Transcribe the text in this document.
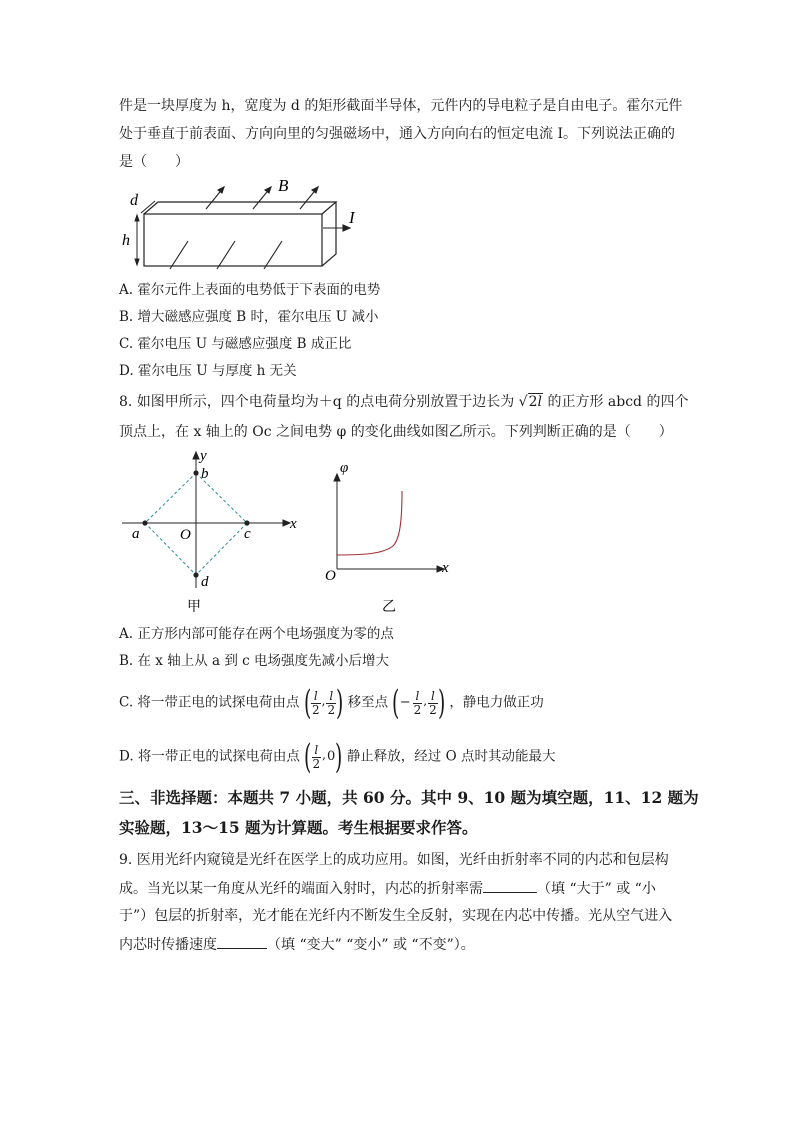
件是一块厚度为 h，宽度为 d 的矩形截面半导体，元件内的导电粒子是自由电子。霍尔元件
处于垂直于前表面、方向向里的匀强磁场中，通入方向向右的恒定电流 I。下列说法正确的
是（　　）
d
h
B
I
A. 霍尔元件上表面的电势低于下表面的电势
B. 增大磁感应强度 B 时，霍尔电压 U 减小
C. 霍尔电压 U 与磁感应强度 B 成正比
D. 霍尔电压 U 与厚度 h 无关
8. 如图甲所示，四个电荷量均为＋q 的点电荷分别放置于边长为 √2l 的正方形 abcd 的四个
顶点上，在 x 轴上的 Oc 之间电势 φ 的变化曲线如图乙所示。下列判断正确的是（　　）
y
x
b
c
a
d
O
甲
φ
x
O
乙
A. 正方形内部可能存在两个电场强度为零的点
B. 在 x 轴上从 a 到 c 电场强度先减小后增大
C. 将一带正电的试探电荷由点 ( $\frac{l}{2}$ , $\frac{l}{2}$ ) 移至点 ( − $\frac{l}{2}$ , $\frac{l}{2}$ ) ，静电力做正功
D. 将一带正电的试探电荷由点 ( $\frac{l}{2}$ , 0 ) 静止释放，经过 O 点时其动能最大
三、非选择题：本题共 7 小题，共 60 分。其中 9、10 题为填空题，11、12 题为
实验题，13～15 题为计算题。考生根据要求作答。
9. 医用光纤内窥镜是光纤在医学上的成功应用。如图，光纤由折射率不同的内芯和包层构
成。当光以某一角度从光纤的端面入射时，内芯的折射率需	（填 “大于” 或 “小
于”）包层的折射率，光才能在光纤内不断发生全反射，实现在内芯中传播。光从空气进入
内芯时传播速度	（填 “变大” “变小” 或 “不变”）。
